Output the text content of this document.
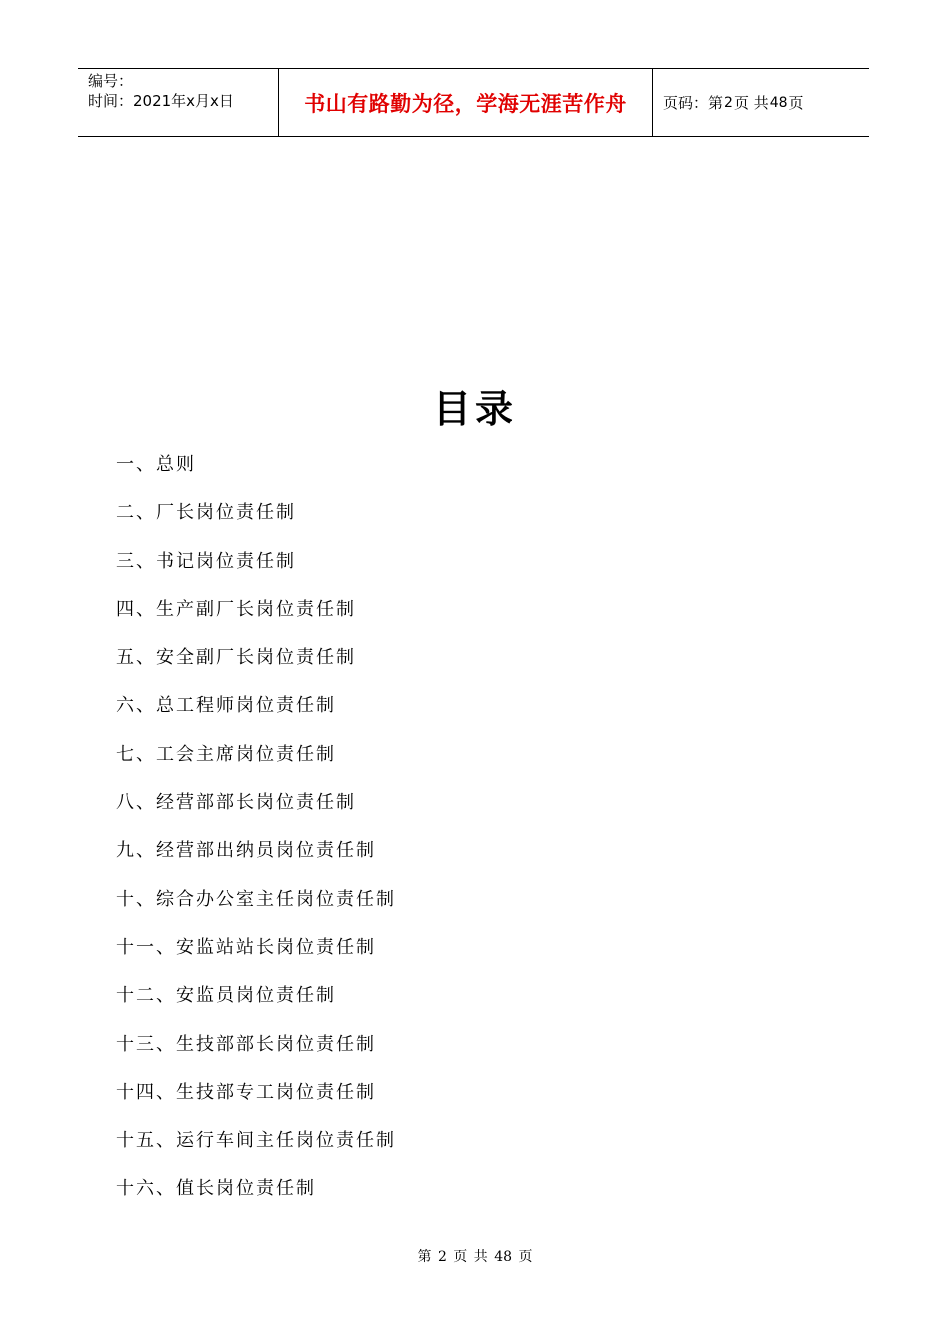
编号：
时间：2021年x月x日	书山有路勤为径，学海无涯苦作舟	页码：第 2 页 共 48 页
目录
一、总则
二、厂长岗位责任制
三、书记岗位责任制
四、生产副厂长岗位责任制
五、安全副厂长岗位责任制
六、总工程师岗位责任制
七、工会主席岗位责任制
八、经营部部长岗位责任制
九、经营部出纳员岗位责任制
十、综合办公室主任岗位责任制
十一、安监站站长岗位责任制
十二、安监员岗位责任制
十三、生技部部长岗位责任制
十四、生技部专工岗位责任制
十五、运行车间主任岗位责任制
十六、值长岗位责任制
第 2 页 共 48 页
